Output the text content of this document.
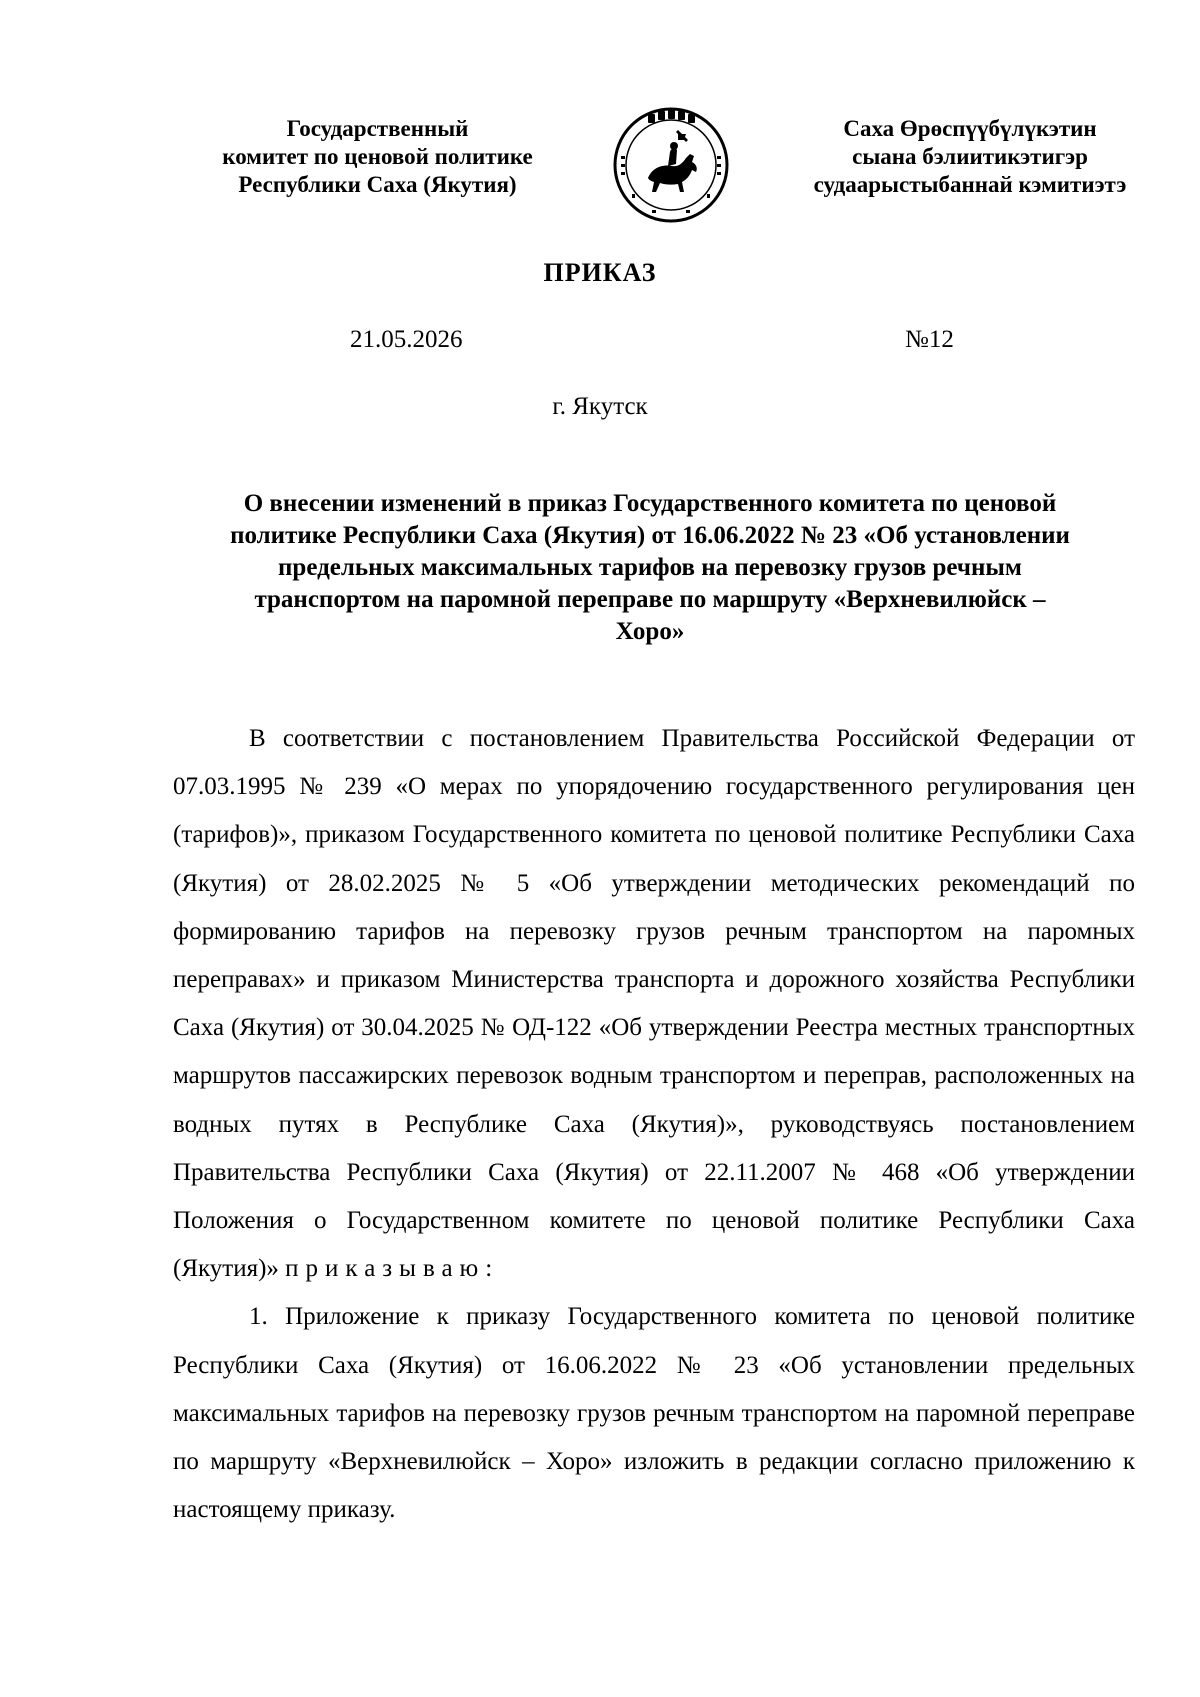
Государственный
комитет по ценовой политике
Республики Саха (Якутия)
Саха Өрөспүүбүлүкэтин
сыана бэлиитикэтигэр
судаарыстыбаннай кэмитиэтэ
ПРИКАЗ
21.05.2026	№12
г. Якутск
О внесении изменений в приказ Государственного комитета по ценовой
политике Республики Саха (Якутия) от 16.06.2022 № 23 «Об установлении
предельных максимальных тарифов на перевозку грузов речным
транспортом на паромной переправе по маршруту «Верхневилюйск –
Хоро»

В соответствии с постановлением Правительства Российской Федерации от 07.03.1995 № 239 «О мерах по упорядочению государственного регулирования цен (тарифов)», приказом Государственного комитета по ценовой политике Республики Саха (Якутия) от 28.02.2025 № 5 «Об утверждении методических рекомендаций по формированию тарифов на перевозку грузов речным транспортом на паромных переправах» и приказом Министерства транспорта и дорожного хозяйства Республики Саха (Якутия) от 30.04.2025 № ОД-122 «Об утверждении Реестра местных транспортных маршрутов пассажирских перевозок водным транспортом и переправ, расположенных на водных путях в Республике Саха (Якутия)», руководствуясь постановлением Правительства Республики Саха (Якутия) от 22.11.2007 № 468 «Об утверждении Положения о Государственном комитете по ценовой политике Республики Саха (Якутия)» приказываю:

1. Приложение к приказу Государственного комитета по ценовой политике Республики Саха (Якутия) от 16.06.2022 № 23 «Об установлении предельных максимальных тарифов на перевозку грузов речным транспортом на паромной переправе по маршруту «Верхневилюйск – Хоро» изложить в редакции согласно приложению к настоящему приказу.
